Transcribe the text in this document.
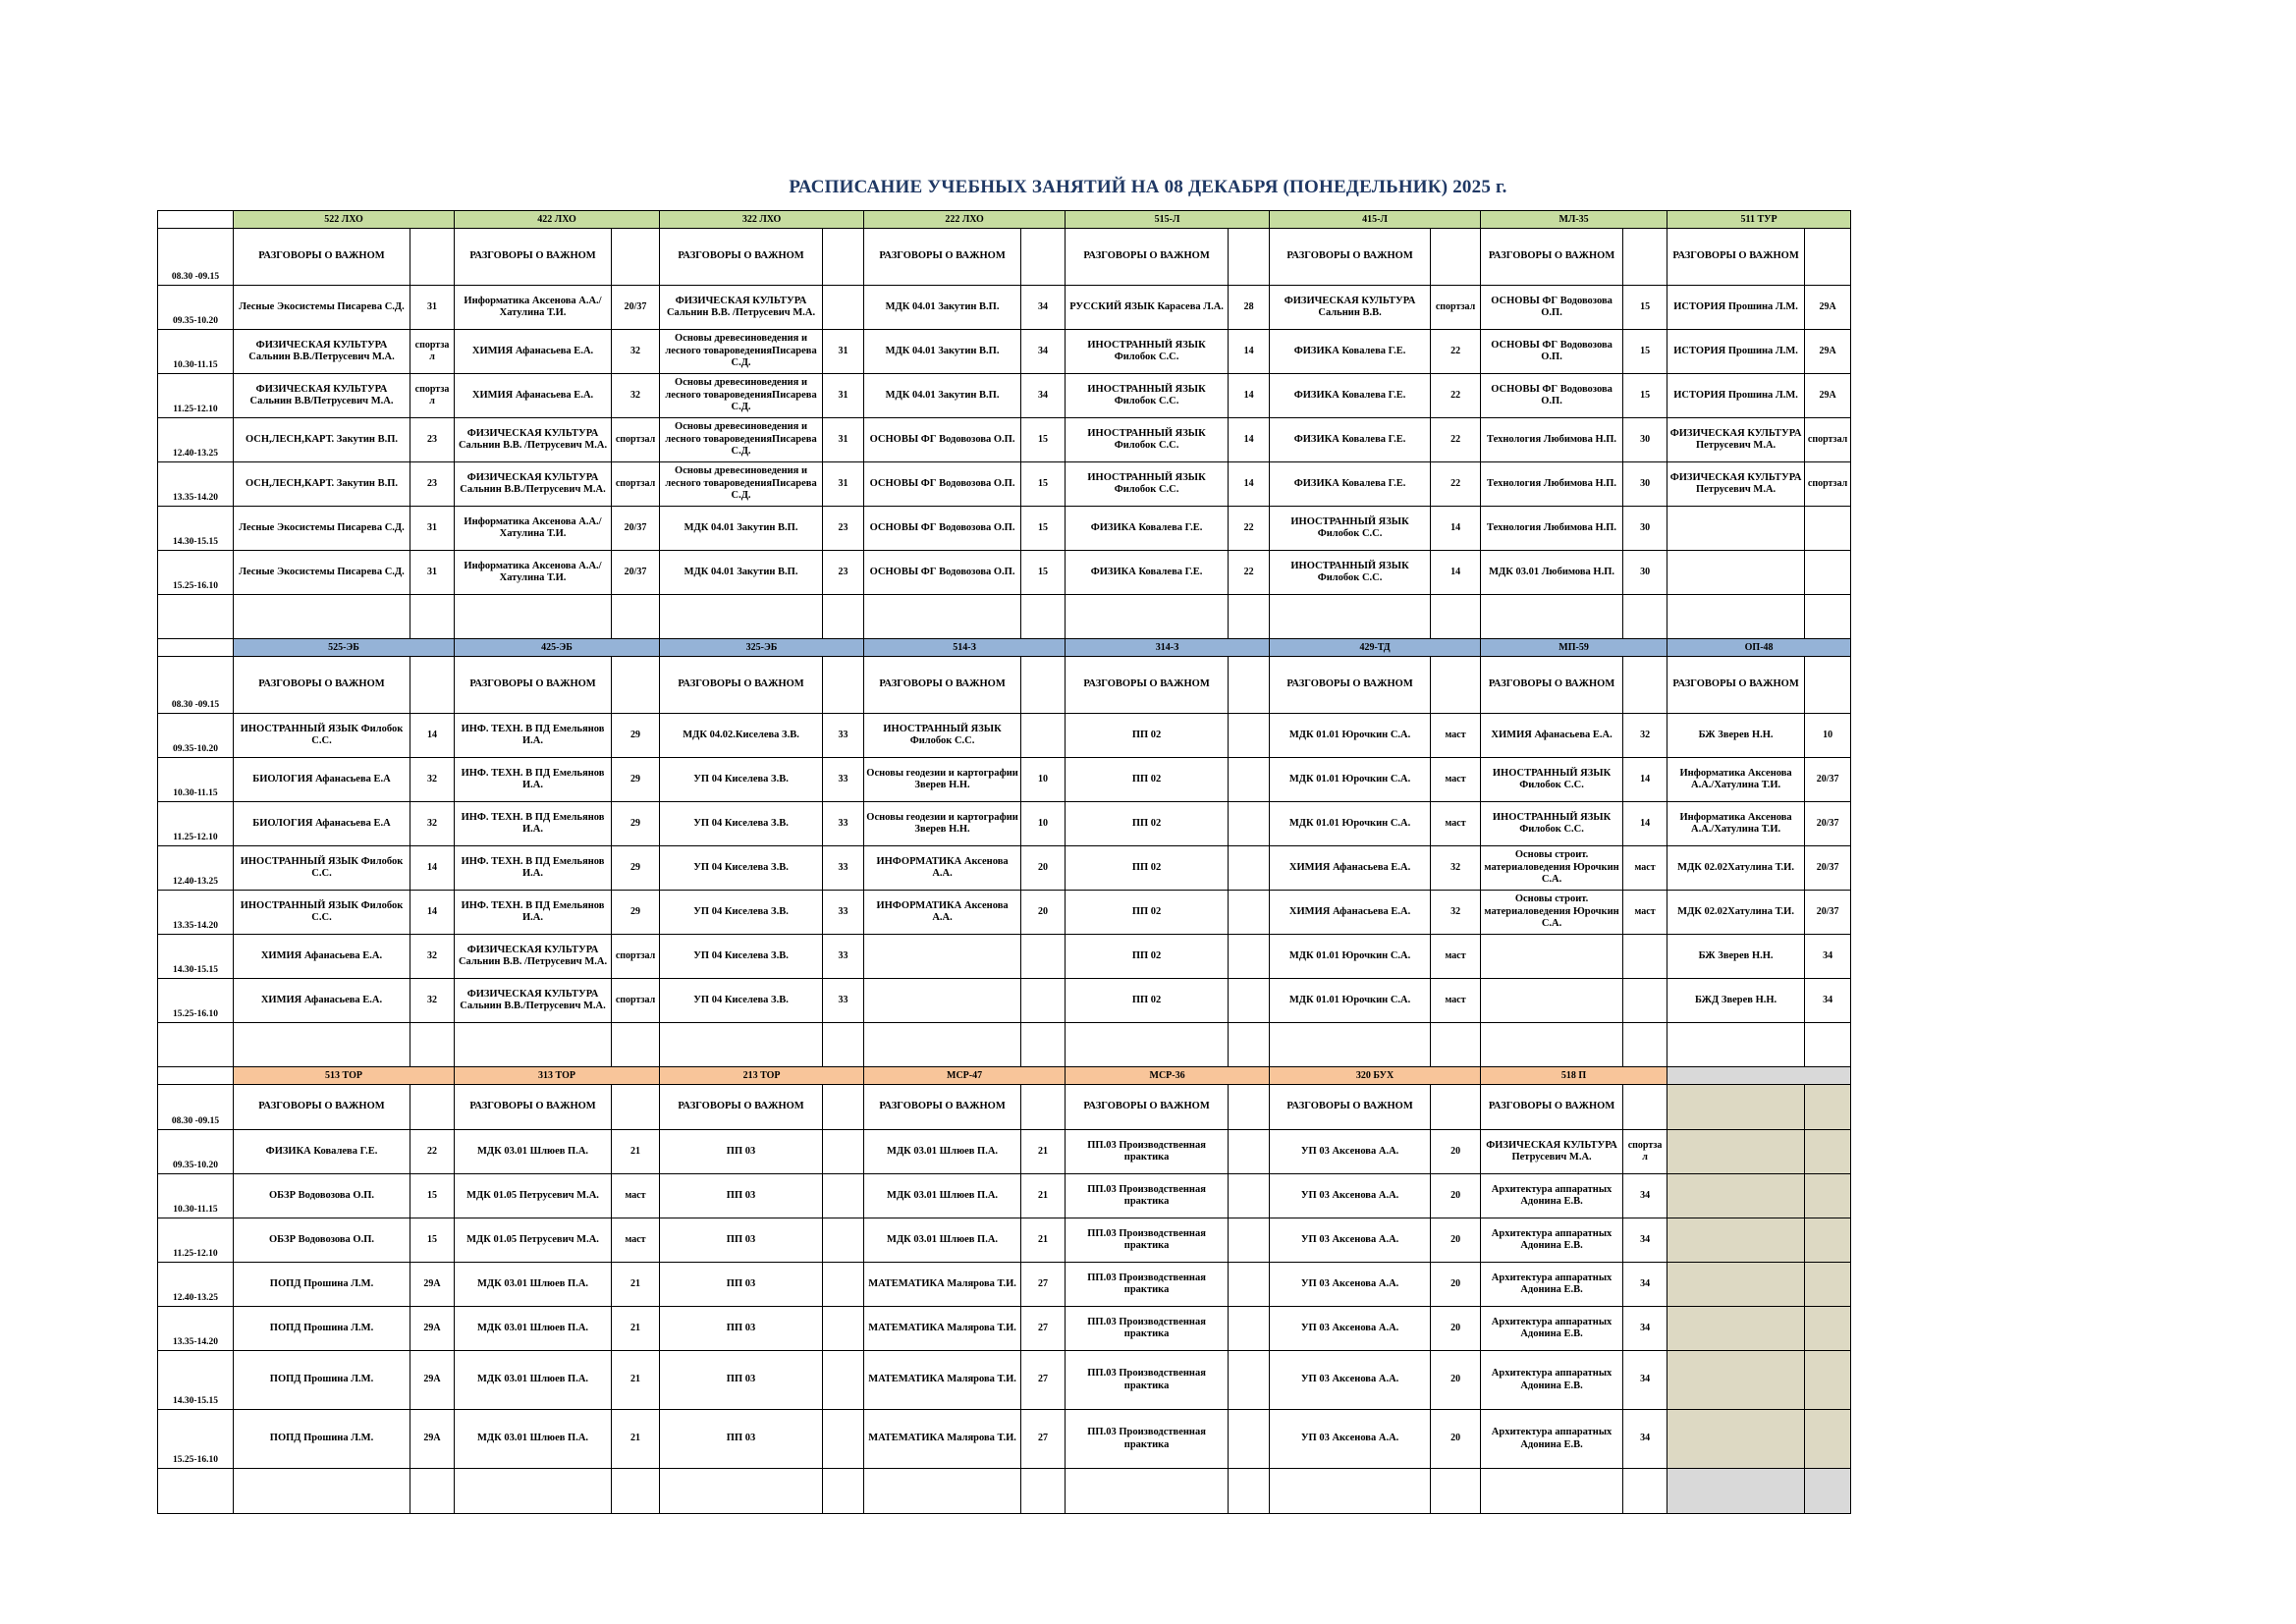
РАСПИСАНИЕ УЧЕБНЫХ ЗАНЯТИЙ НА 08 ДЕКАБРЯ (ПОНЕДЕЛЬНИК) 2025 г.
	522 ЛХО		422 ЛХО		322 ЛХО		222 ЛХО		515-Л		415-Л		МЛ-35		511 ТУР	
08.30 -09.15	РАЗГОВОРЫ О ВАЖНОМ		РАЗГОВОРЫ О ВАЖНОМ		РАЗГОВОРЫ О ВАЖНОМ		РАЗГОВОРЫ О ВАЖНОМ		РАЗГОВОРЫ О ВАЖНОМ		РАЗГОВОРЫ О ВАЖНОМ		РАЗГОВОРЫ О ВАЖНОМ		РАЗГОВОРЫ О ВАЖНОМ	
09.35-10.20	Лесные Экосистемы Писарева С.Д.	31	Информатика Аксенова А.А./Хатулина Т.И.	20/37	ФИЗИЧЕСКАЯ КУЛЬТУРА Сальнин В.В. /Петрусевич М.А.		МДК 04.01 Закутин В.П.	34	РУССКИЙ ЯЗЫК Карасева Л.А.	28	ФИЗИЧЕСКАЯ КУЛЬТУРА Сальнин В.В.	спортзал	ОСНОВЫ ФГ Водовозова О.П.	15	ИСТОРИЯ Прошина Л.М.	29А
10.30-11.15	ФИЗИЧЕСКАЯ КУЛЬТУРА Сальнин В.В./Петрусевич М.А.	спортзал	ХИМИЯ Афанасьева Е.А.	32	Основы древесиноведения и лесного товароведенияПисарева С.Д.	31	МДК 04.01 Закутин В.П.	34	ИНОСТРАННЫЙ ЯЗЫК Филобок С.С.	14	ФИЗИКА Ковалева Г.Е.	22	ОСНОВЫ ФГ Водовозова О.П.	15	ИСТОРИЯ Прошина Л.М.	29А
11.25-12.10	ФИЗИЧЕСКАЯ КУЛЬТУРА Сальнин В.В/Петрусевич М.А.	спортзал	ХИМИЯ Афанасьева Е.А.	32	Основы древесиноведения и лесного товароведенияПисарева С.Д.	31	МДК 04.01 Закутин В.П.	34	ИНОСТРАННЫЙ ЯЗЫК Филобок С.С.	14	ФИЗИКА Ковалева Г.Е.	22	ОСНОВЫ ФГ Водовозова О.П.	15	ИСТОРИЯ Прошина Л.М.	29А
12.40-13.25	ОСН,ЛЕСН,КАРТ. Закутин В.П.	23	ФИЗИЧЕСКАЯ КУЛЬТУРА Сальнин В.В. /Петрусевич М.А.	спортзал	Основы древесиноведения и лесного товароведенияПисарева С.Д.	31	ОСНОВЫ ФГ Водовозова О.П.	15	ИНОСТРАННЫЙ ЯЗЫК Филобок С.С.	14	ФИЗИКА Ковалева Г.Е.	22	Технология Любимова Н.П.	30	ФИЗИЧЕСКАЯ КУЛЬТУРА Петрусевич М.А.	спортзал
13.35-14.20	ОСН,ЛЕСН,КАРТ. Закутин В.П.	23	ФИЗИЧЕСКАЯ КУЛЬТУРА Сальнин В.В./Петрусевич М.А.	спортзал	Основы древесиноведения и лесного товароведенияПисарева С.Д.	31	ОСНОВЫ ФГ Водовозова О.П.	15	ИНОСТРАННЫЙ ЯЗЫК Филобок С.С.	14	ФИЗИКА Ковалева Г.Е.	22	Технология Любимова Н.П.	30	ФИЗИЧЕСКАЯ КУЛЬТУРА Петрусевич М.А.	спортзал
14.30-15.15	Лесные Экосистемы Писарева С.Д.	31	Информатика Аксенова А.А./Хатулина Т.И.	20/37	МДК 04.01 Закутин В.П.	23	ОСНОВЫ ФГ Водовозова О.П.	15	ФИЗИКА Ковалева Г.Е.	22	ИНОСТРАННЫЙ ЯЗЫК Филобок С.С.	14	Технология Любимова Н.П.	30		
15.25-16.10	Лесные Экосистемы Писарева С.Д.	31	Информатика Аксенова А.А./Хатулина Т.И.	20/37	МДК 04.01 Закутин В.П.	23	ОСНОВЫ ФГ Водовозова О.П.	15	ФИЗИКА Ковалева Г.Е.	22	ИНОСТРАННЫЙ ЯЗЫК Филобок С.С.	14	МДК 03.01 Любимова Н.П.	30		

	525-ЭБ		425-ЭБ		325-ЭБ		514-З		314-З		429-ТД		МП-59		ОП-48	
08.30 -09.15	РАЗГОВОРЫ О ВАЖНОМ		РАЗГОВОРЫ О ВАЖНОМ		РАЗГОВОРЫ О ВАЖНОМ		РАЗГОВОРЫ О ВАЖНОМ		РАЗГОВОРЫ О ВАЖНОМ		РАЗГОВОРЫ О ВАЖНОМ		РАЗГОВОРЫ О ВАЖНОМ		РАЗГОВОРЫ О ВАЖНОМ	
09.35-10.20	ИНОСТРАННЫЙ ЯЗЫК Филобок С.С.	14	ИНФ. ТЕХН. В ПД Емельянов И.А.	29	МДК 04.02.Киселева З.В.	33	ИНОСТРАННЫЙ ЯЗЫК Филобок С.С.		ПП 02		МДК 01.01 Юрочкин С.А.	маст	ХИМИЯ Афанасьева Е.А.	32	БЖ Зверев Н.Н.	10
10.30-11.15	БИОЛОГИЯ Афанасьева Е.А	32	ИНФ. ТЕХН. В ПД Емельянов И.А.	29	УП 04 Киселева З.В.	33	Основы геодезии и картографии Зверев Н.Н.	10	ПП 02		МДК 01.01 Юрочкин С.А.	маст	ИНОСТРАННЫЙ ЯЗЫК Филобок С.С.	14	Информатика Аксенова А.А./Хатулина Т.И.	20/37
11.25-12.10	БИОЛОГИЯ Афанасьева Е.А	32	ИНФ. ТЕХН. В ПД Емельянов И.А.	29	УП 04 Киселева З.В.	33	Основы геодезии и картографии Зверев Н.Н.	10	ПП 02		МДК 01.01 Юрочкин С.А.	маст	ИНОСТРАННЫЙ ЯЗЫК Филобок С.С.	14	Информатика Аксенова А.А./Хатулина Т.И.	20/37
12.40-13.25	ИНОСТРАННЫЙ ЯЗЫК Филобок С.С.	14	ИНФ. ТЕХН. В ПД Емельянов И.А.	29	УП 04 Киселева З.В.	33	ИНФОРМАТИКА Аксенова А.А.	20	ПП 02		ХИМИЯ Афанасьева Е.А.	32	Основы строит. материаловедения Юрочкин С.А.	маст	МДК 02.02Хатулина Т.И.	20/37
13.35-14.20	ИНОСТРАННЫЙ ЯЗЫК Филобок С.С.	14	ИНФ. ТЕХН. В ПД Емельянов И.А.	29	УП 04 Киселева З.В.	33	ИНФОРМАТИКА Аксенова А.А.	20	ПП 02		ХИМИЯ Афанасьева Е.А.	32	Основы строит. материаловедения Юрочкин С.А.	маст	МДК 02.02Хатулина Т.И.	20/37
14.30-15.15	ХИМИЯ Афанасьева Е.А.	32	ФИЗИЧЕСКАЯ КУЛЬТУРА Сальнин В.В. /Петрусевич М.А.	спортзал	УП 04 Киселева З.В.	33			ПП 02		МДК 01.01 Юрочкин С.А.	маст			БЖ Зверев Н.Н.	34
15.25-16.10	ХИМИЯ Афанасьева Е.А.	32	ФИЗИЧЕСКАЯ КУЛЬТУРА Сальнин В.В./Петрусевич М.А.	спортзал	УП 04 Киселева З.В.	33			ПП 02		МДК 01.01 Юрочкин С.А.	маст			БЖД Зверев Н.Н.	34

	513 ТОР		313 ТОР		213 ТОР		МСР-47		МСР-36		320 БУХ		518 П			
08.30 -09.15	РАЗГОВОРЫ О ВАЖНОМ		РАЗГОВОРЫ О ВАЖНОМ		РАЗГОВОРЫ О ВАЖНОМ		РАЗГОВОРЫ О ВАЖНОМ		РАЗГОВОРЫ О ВАЖНОМ		РАЗГОВОРЫ О ВАЖНОМ		РАЗГОВОРЫ О ВАЖНОМ			
09.35-10.20	ФИЗИКА Ковалева Г.Е.	22	МДК 03.01 Шлюев П.А.	21	ПП 03		МДК 03.01 Шлюев П.А.	21	ПП.03 Производственная практика		УП 03 Аксенова А.А.	20	ФИЗИЧЕСКАЯ КУЛЬТУРА Петрусевич М.А.	спортзал		
10.30-11.15	ОБЗР Водовозова О.П.	15	МДК 01.05 Петрусевич М.А.	маст	ПП 03		МДК 03.01 Шлюев П.А.	21	ПП.03 Производственная практика		УП 03 Аксенова А.А.	20	Архитектура аппаратных Адонина Е.В.	34		
11.25-12.10	ОБЗР Водовозова О.П.	15	МДК 01.05 Петрусевич М.А.	маст	ПП 03		МДК 03.01 Шлюев П.А.	21	ПП.03 Производственная практика		УП 03 Аксенова А.А.	20	Архитектура аппаратных Адонина Е.В.	34		
12.40-13.25	ПОПД Прошина Л.М.	29А	МДК 03.01 Шлюев П.А.	21	ПП 03		МАТЕМАТИКА Малярова Т.И.	27	ПП.03 Производственная практика		УП 03 Аксенова А.А.	20	Архитектура аппаратных Адонина Е.В.	34		
13.35-14.20	ПОПД Прошина Л.М.	29А	МДК 03.01 Шлюев П.А.	21	ПП 03		МАТЕМАТИКА Малярова Т.И.	27	ПП.03 Производственная практика		УП 03 Аксенова А.А.	20	Архитектура аппаратных Адонина Е.В.	34		
14.30-15.15	ПОПД Прошина Л.М.	29А	МДК 03.01 Шлюев П.А.	21	ПП 03		МАТЕМАТИКА Малярова Т.И.	27	ПП.03 Производственная практика		УП 03 Аксенова А.А.	20	Архитектура аппаратных Адонина Е.В.	34		
15.25-16.10	ПОПД Прошина Л.М.	29А	МДК 03.01 Шлюев П.А.	21	ПП 03		МАТЕМАТИКА Малярова Т.И.	27	ПП.03 Производственная практика		УП 03 Аксенова А.А.	20	Архитектура аппаратных Адонина Е.В.	34		
